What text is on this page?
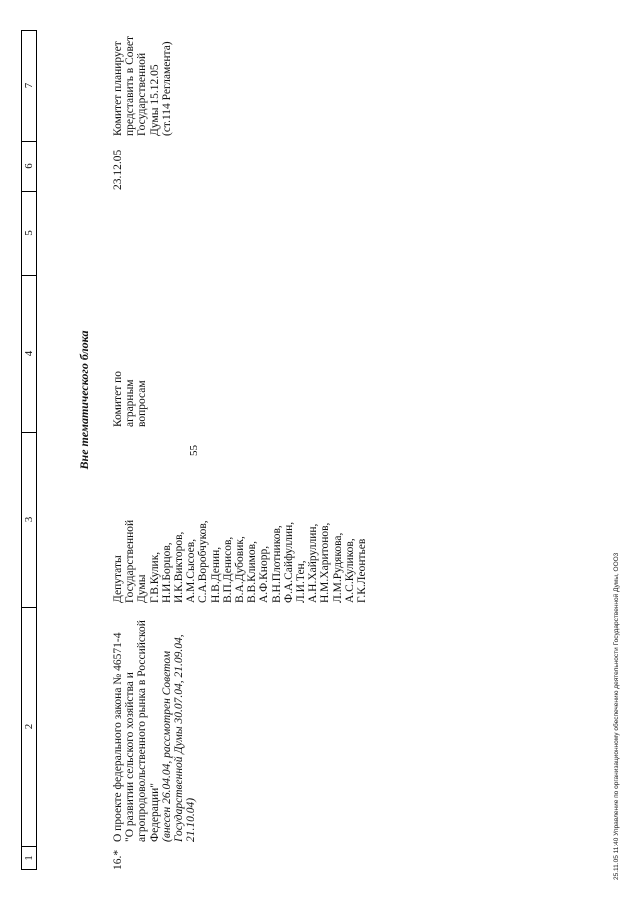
55
1
2
3
4
5
6
7
Вне тематического блока
16.*
О проекте федерального закона № 46571-4 "О развитии сельского хозяйства и агропродовольственного рынка в Российской Федерации" (внесен 26.04.04, рассмотрен Советом Государственной Думы 30.07.04, 21.09.04, 21.10.04)
Депутаты Государственной Думы Г.В.Кулик, Н.И.Борцов, И.К.Викторов, А.М.Сысоев, С.А.Воробчуков, Н.В.Денин, В.П.Денисов, В.А.Дубовик, В.В.Климов, А.Ф.Кнорр, В.Н.Плотников, Ф.А.Сайфуллин, Л.И.Тен, А.Н.Хайруллин, Н.М.Харитонов, Л.М.Рудякова, А.С.Куликов, Г.К.Леонтьев
Комитет по аграрным вопросам
23.12.05
Комитет планирует представить в Совет Государственной Думы 15.12.05 (ст.114 Регламента)
25.11.05 11:40 Управление по организационному обеспечению деятельности Государственной Думы, ООО3
